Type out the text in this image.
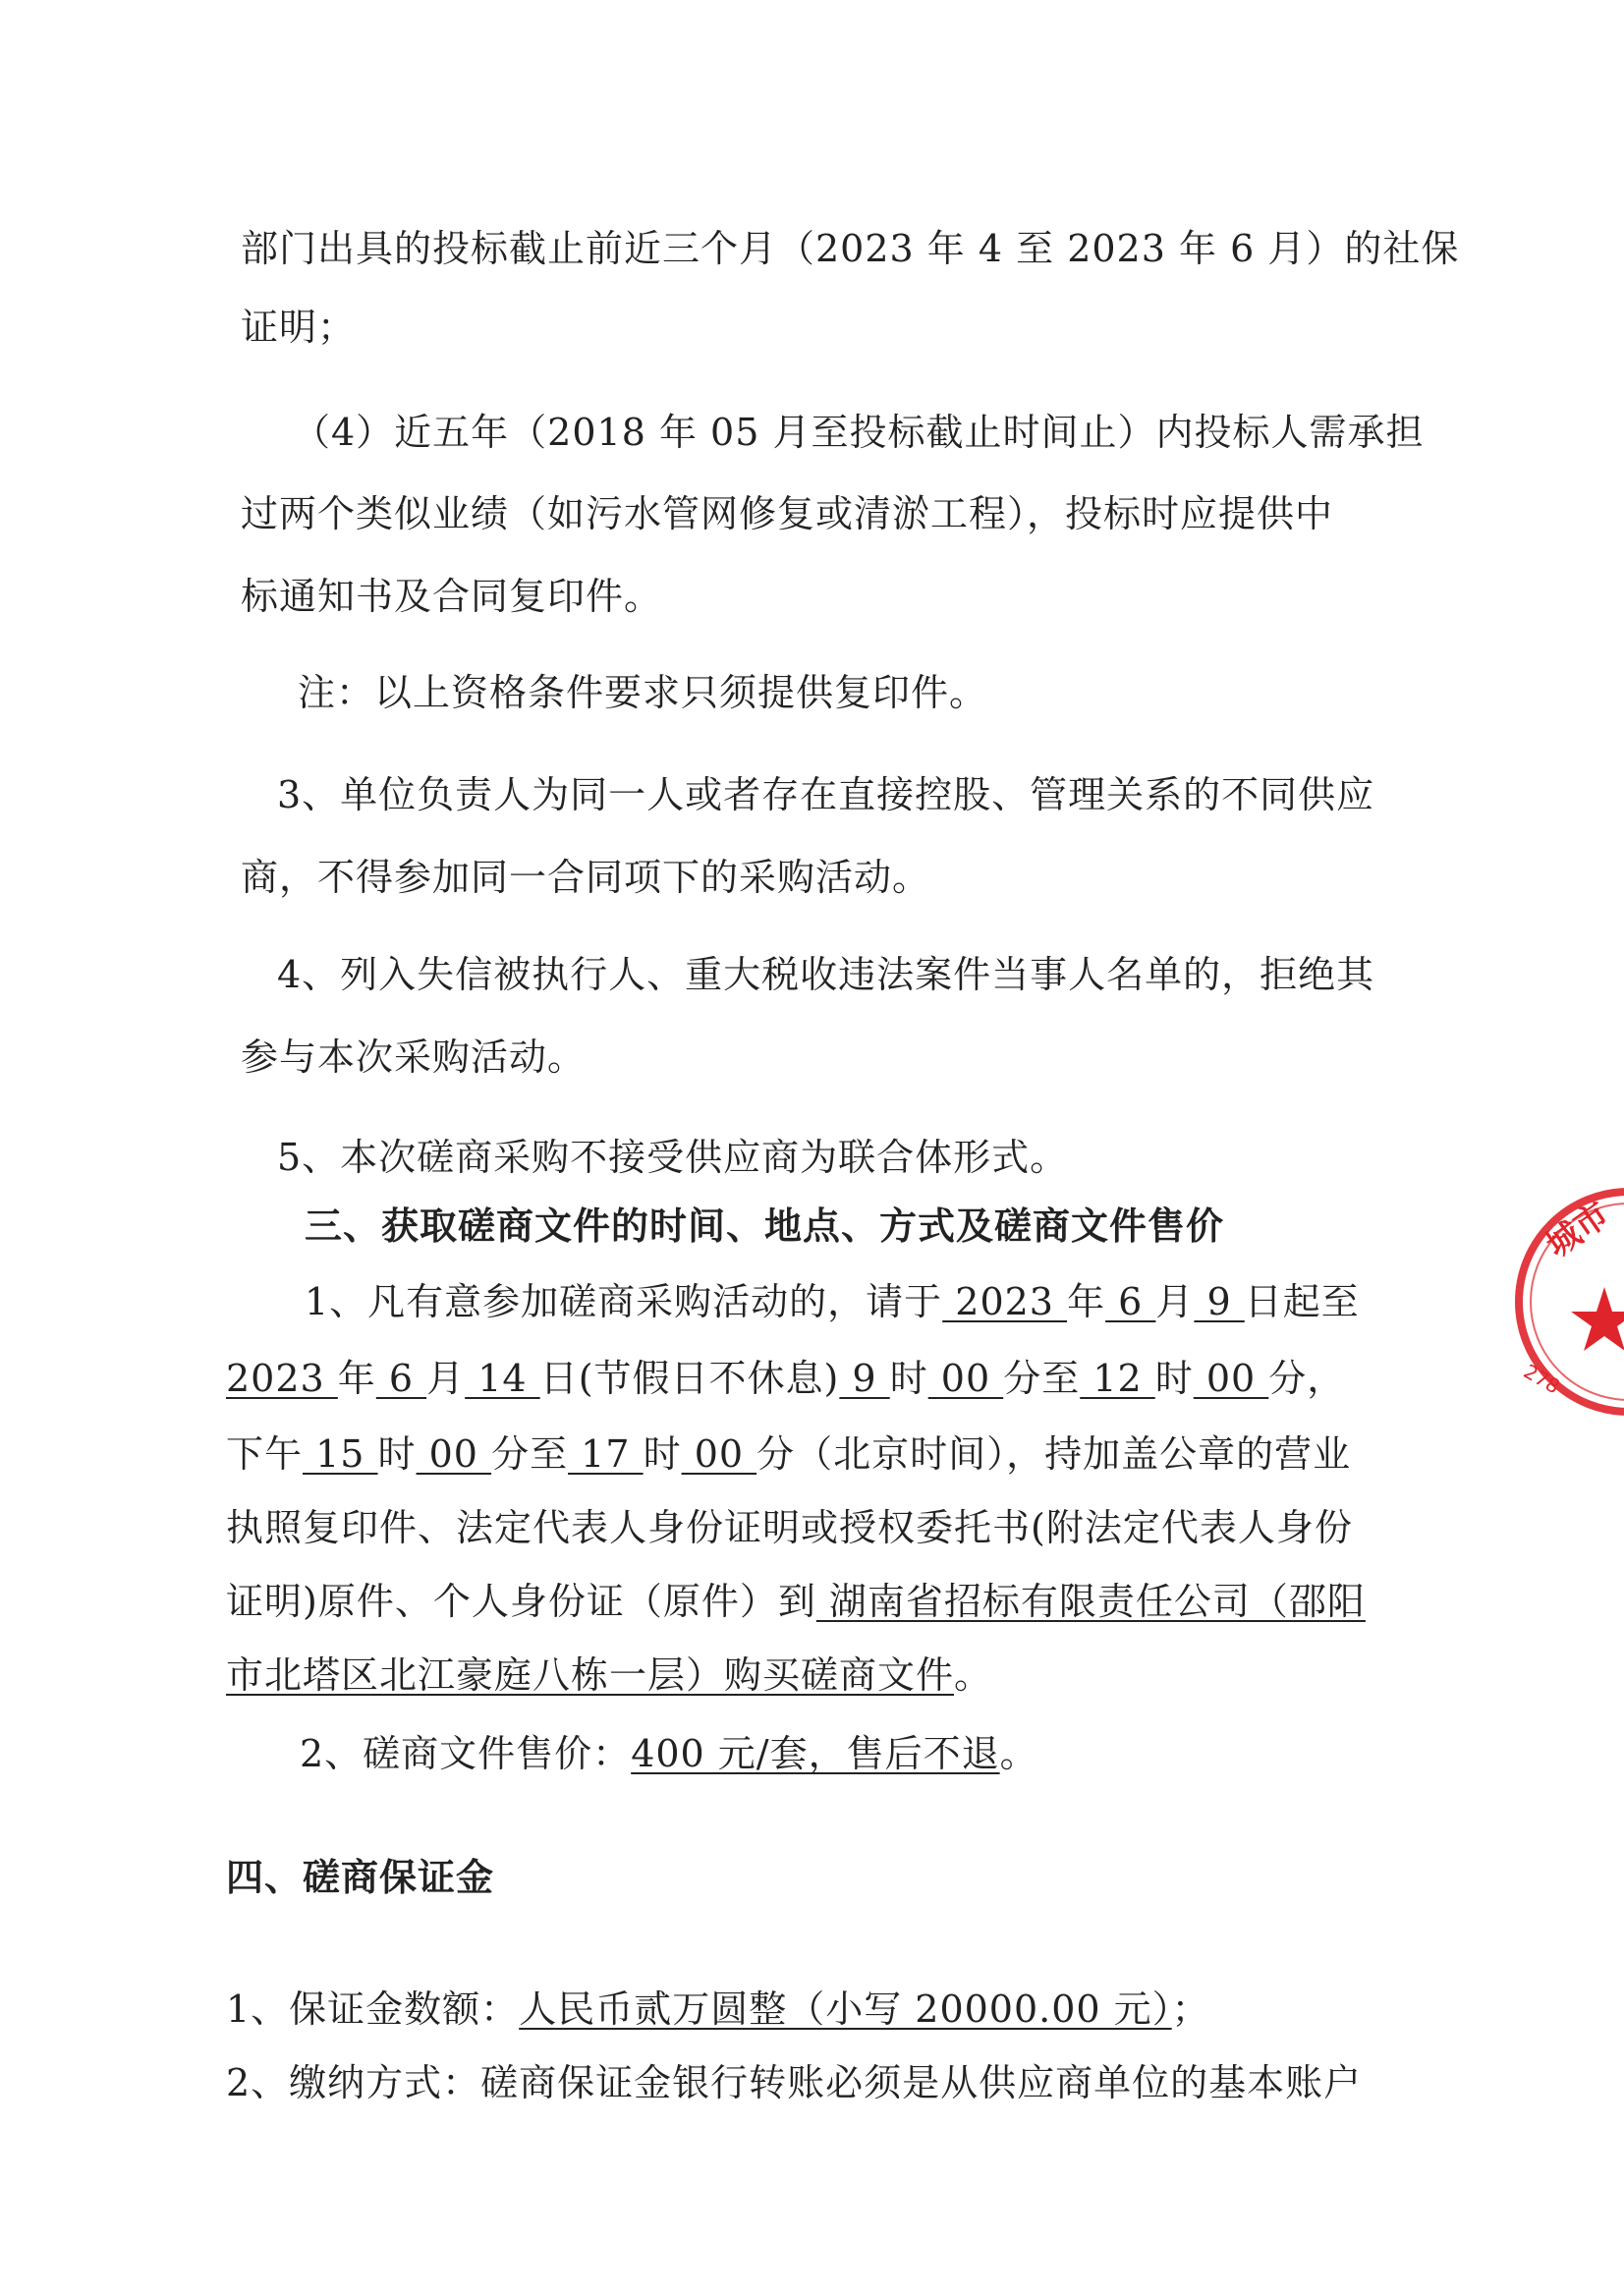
部门出具的投标截止前近三个月（2023 年 4 至 2023 年 6 月）的社保
证明；
（4）近五年（2018 年 05 月至投标截止时间止）内投标人需承担
过两个类似业绩（如污水管网修复或清淤工程），投标时应提供中
标通知书及合同复印件。
注：以上资格条件要求只须提供复印件。
3、单位负责人为同一人或者存在直接控股、管理关系的不同供应
商，不得参加同一合同项下的采购活动。
4、列入失信被执行人、重大税收违法案件当事人名单的，拒绝其
参与本次采购活动。
5、本次磋商采购不接受供应商为联合体形式。
三、获取磋商文件的时间、地点、方式及磋商文件售价
1、凡有意参加磋商采购活动的，请于 2023 年 6 月 9 日起至
2023 年 6 月 14 日(节假日不休息) 9 时 00 分至 12 时 00 分，
下午 15 时 00 分至 17 时 00 分（北京时间），持加盖公章的营业
执照复印件、法定代表人身份证明或授权委托书(附法定代表人身份
证明)原件、个人身份证（原件）到 湖南省招标有限责任公司（邵阳
市北塔区北江豪庭八栋一层）购买磋商文件。
2、磋商文件售价：400 元/套，售后不退。
四、磋商保证金
1、保证金数额：人民币贰万圆整（小写 20000.00 元）；
2、缴纳方式：磋商保证金银行转账必须是从供应商单位的基本账户
城市
278
